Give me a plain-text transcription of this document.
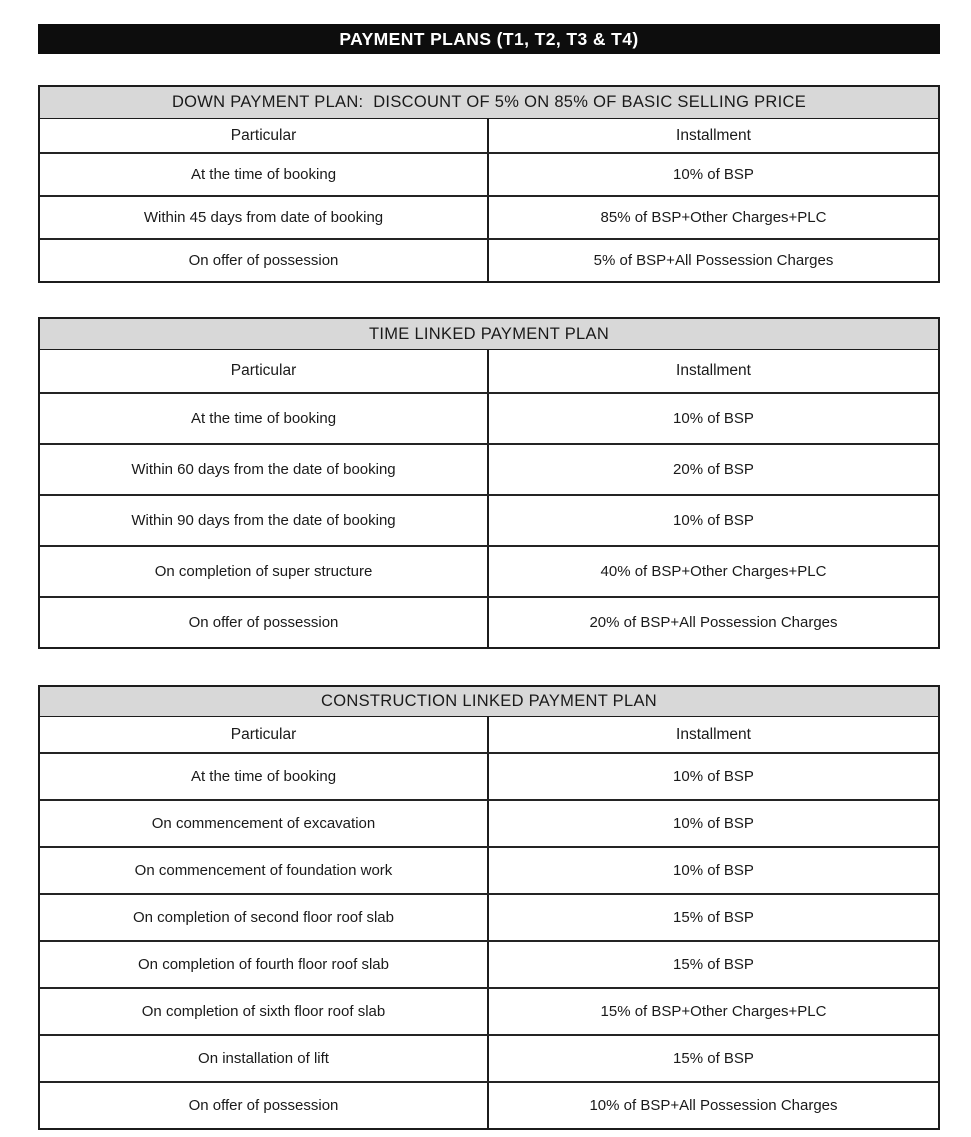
PAYMENT PLANS (T1, T2, T3 & T4)
DOWN PAYMENT PLAN:  DISCOUNT OF 5% ON 85% OF BASIC SELLING PRICE
Particular	Installment
At the time of booking	10% of BSP
Within 45 days from date of booking	85% of BSP+Other Charges+PLC
On offer of possession	5% of BSP+All Possession Charges
TIME LINKED PAYMENT PLAN
Particular	Installment
At the time of booking	10% of BSP
Within 60 days from the date of booking	20% of BSP
Within 90 days from the date of booking	10% of BSP
On completion of super structure	40% of BSP+Other Charges+PLC
On offer of possession	20% of BSP+All Possession Charges
CONSTRUCTION LINKED PAYMENT PLAN
Particular	Installment
At the time of booking	10% of BSP
On commencement of excavation	10% of BSP
On commencement of foundation work	10% of BSP
On completion of second floor roof slab	15% of BSP
On completion of fourth floor roof slab	15% of BSP
On completion of sixth floor roof slab	15% of BSP+Other Charges+PLC
On installation of lift	15% of BSP
On offer of possession	10% of BSP+All Possession Charges
